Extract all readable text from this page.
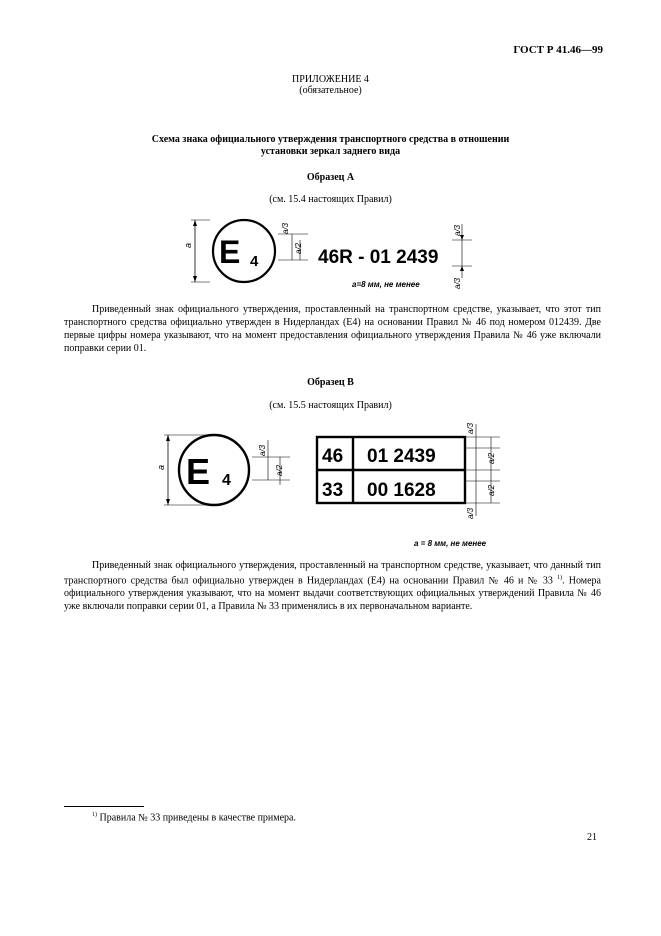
ГОСТ Р 41.46—99
ПРИЛОЖЕНИЕ 4
(обязательное)
Схема знака официального утверждения транспортного средства в отношении
установки зеркал заднего вида
Образец А
(см. 15.4 настоящих Правил)
a E 4
a/3
a/2 46R - 01 2439
a/3
a/3
a=8 мм, не менее
Приведенный знак официального утверждения, проставленный на транспортном средстве, указывает, что этот тип транспортного средства официально утвержден в Нидерландах (E4) на основании Правил № 46 под номером 012439. Две первые цифры номера указывают, что на момент предоставления официального утверждения Правила № 46 уже включали поправки серии 01.
Образец В
(см. 15.5 настоящих Правил)
a E 4
a/3
a/2
46 01 2439
33 00 1628
a/3
a/2
a/2
a/3
a = 8 мм, не менее
Приведенный знак официального утверждения, проставленный на транспортном средстве, указывает, что данный тип транспортного средства был официально утвержден в Нидерландах (E4) на основании Правил № 46 и № 33 $^{1)}$. Номера официального утверждения указывают, что на момент выдачи соответствующих официальных утверждений Правила № 46 уже включали поправки серии 01, а Правила № 33 применялись в их первоначальном варианте.
$^{1)}$ Правила № 33 приведены в качестве примера.
21
